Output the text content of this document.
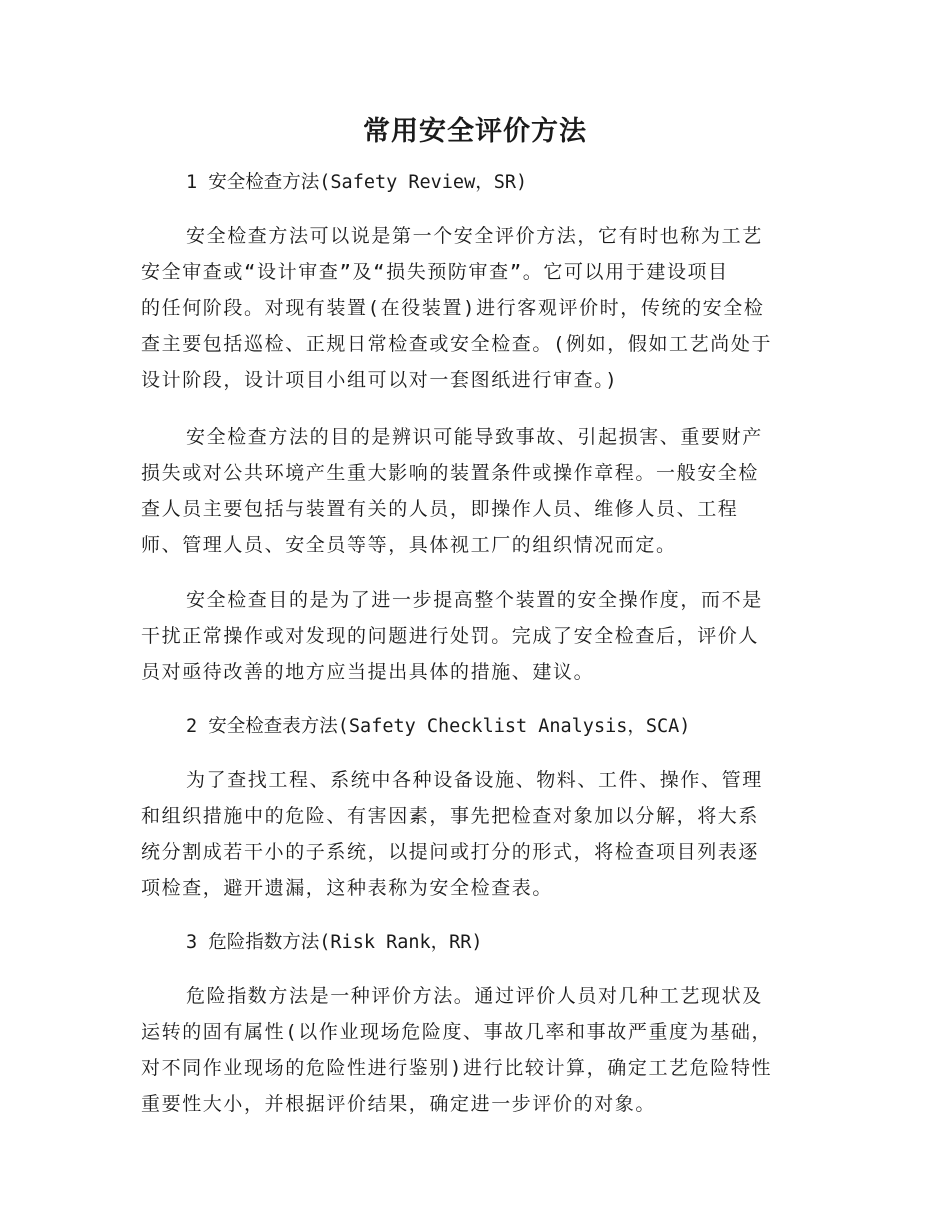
常用安全评价方法
1 安全检查方法(Safety Review，SR)
安全检查方法可以说是第一个安全评价方法，它有时也称为工艺
安全审查或“设计审查”及“损失预防审查”。它可以用于建设项目
的任何阶段。对现有装置(在役装置)进行客观评价时，传统的安全检
查主要包括巡检、正规日常检查或安全检查。(例如，假如工艺尚处于
设计阶段，设计项目小组可以对一套图纸进行审查。)
安全检查方法的目的是辨识可能导致事故、引起损害、重要财产
损失或对公共环境产生重大影响的装置条件或操作章程。一般安全检
查人员主要包括与装置有关的人员，即操作人员、维修人员、工程
师、管理人员、安全员等等，具体视工厂的组织情况而定。
安全检查目的是为了进一步提高整个装置的安全操作度，而不是
干扰正常操作或对发现的问题进行处罚。完成了安全检查后，评价人
员对亟待改善的地方应当提出具体的措施、建议。
2 安全检查表方法(Safety Checklist Analysis，SCA)
为了查找工程、系统中各种设备设施、物料、工件、操作、管理
和组织措施中的危险、有害因素，事先把检查对象加以分解，将大系
统分割成若干小的子系统，以提问或打分的形式，将检查项目列表逐
项检查，避开遗漏，这种表称为安全检查表。
3 危险指数方法(Risk Rank，RR)
危险指数方法是一种评价方法。通过评价人员对几种工艺现状及
运转的固有属性(以作业现场危险度、事故几率和事故严重度为基础，
对不同作业现场的危险性进行鉴别)进行比较计算，确定工艺危险特性
重要性大小，并根据评价结果，确定进一步评价的对象。
